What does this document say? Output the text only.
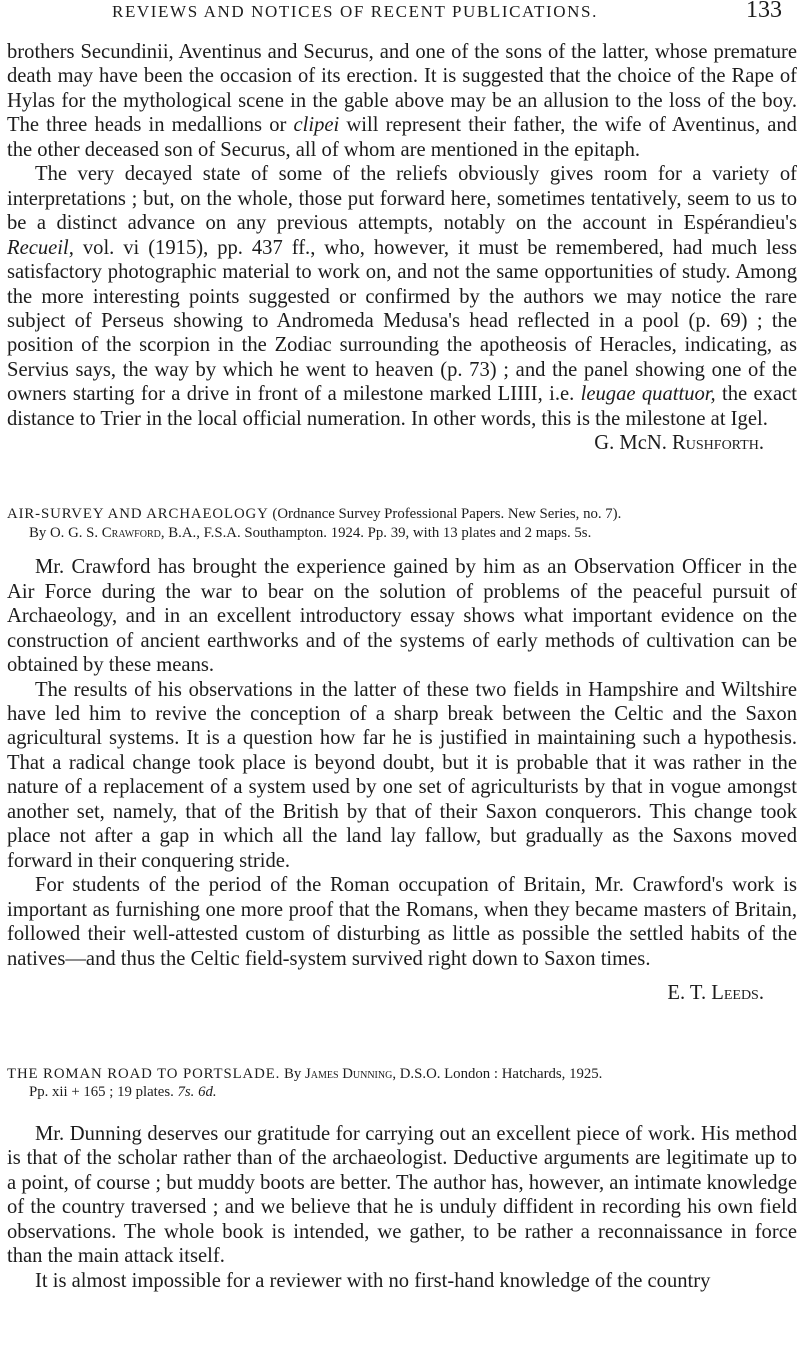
REVIEWS AND NOTICES OF RECENT PUBLICATIONS.	133

brothers Secundinii, Aventinus and Securus, and one of the sons of the latter, whose premature death may have been the occasion of its erection. It is suggested that the choice of the Rape of Hylas for the mythological scene in the gable above may be an allusion to the loss of the boy. The three heads in medallions or clipei will represent their father, the wife of Aventinus, and the other deceased son of Securus, all of whom are mentioned in the epitaph.

The very decayed state of some of the reliefs obviously gives room for a variety of interpretations ; but, on the whole, those put forward here, sometimes tentatively, seem to us to be a distinct advance on any previous attempts, notably on the account in Espérandieu's Recueil, vol. vi (1915), pp. 437 ff., who, however, it must be remembered, had much less satisfactory photographic material to work on, and not the same opportunities of study. Among the more interesting points suggested or confirmed by the authors we may notice the rare subject of Perseus showing to Andromeda Medusa's head reflected in a pool (p. 69) ; the position of the scorpion in the Zodiac surrounding the apotheosis of Heracles, indicating, as Servius says, the way by which he went to heaven (p. 73) ; and the panel showing one of the owners starting for a drive in front of a milestone marked LIIII, i.e. leugae quattuor, the exact distance to Trier in the local official numeration. In other words, this is the milestone at Igel.

G. McN. Rushforth.

AIR-SURVEY AND ARCHAEOLOGY (Ordnance Survey Professional Papers. New Series, no. 7).
By O. G. S. Crawford, B.A., F.S.A. Southampton. 1924. Pp. 39, with 13 plates and 2 maps. 5s.

Mr. Crawford has brought the experience gained by him as an Observation Officer in the Air Force during the war to bear on the solution of problems of the peaceful pursuit of Archaeology, and in an excellent introductory essay shows what important evidence on the construction of ancient earthworks and of the systems of early methods of cultivation can be obtained by these means.

The results of his observations in the latter of these two fields in Hampshire and Wiltshire have led him to revive the conception of a sharp break between the Celtic and the Saxon agricultural systems. It is a question how far he is justified in maintaining such a hypothesis. That a radical change took place is beyond doubt, but it is probable that it was rather in the nature of a replacement of a system used by one set of agriculturists by that in vogue amongst another set, namely, that of the British by that of their Saxon conquerors. This change took place not after a gap in which all the land lay fallow, but gradually as the Saxons moved forward in their conquering stride.

For students of the period of the Roman occupation of Britain, Mr. Crawford's work is important as furnishing one more proof that the Romans, when they became masters of Britain, followed their well-attested custom of disturbing as little as possible the settled habits of the natives—and thus the Celtic field-system survived right down to Saxon times.

E. T. Leeds.

THE ROMAN ROAD TO PORTSLADE. By James Dunning, D.S.O. London : Hatchards, 1925.
Pp. xii + 165 ; 19 plates. 7s. 6d.

Mr. Dunning deserves our gratitude for carrying out an excellent piece of work. His method is that of the scholar rather than of the archaeologist. Deductive arguments are legitimate up to a point, of course ; but muddy boots are better. The author has, however, an intimate knowledge of the country traversed ; and we believe that he is unduly diffident in recording his own field observations. The whole book is intended, we gather, to be rather a reconnaissance in force than the main attack itself.

It is almost impossible for a reviewer with no first-hand knowledge of the country
